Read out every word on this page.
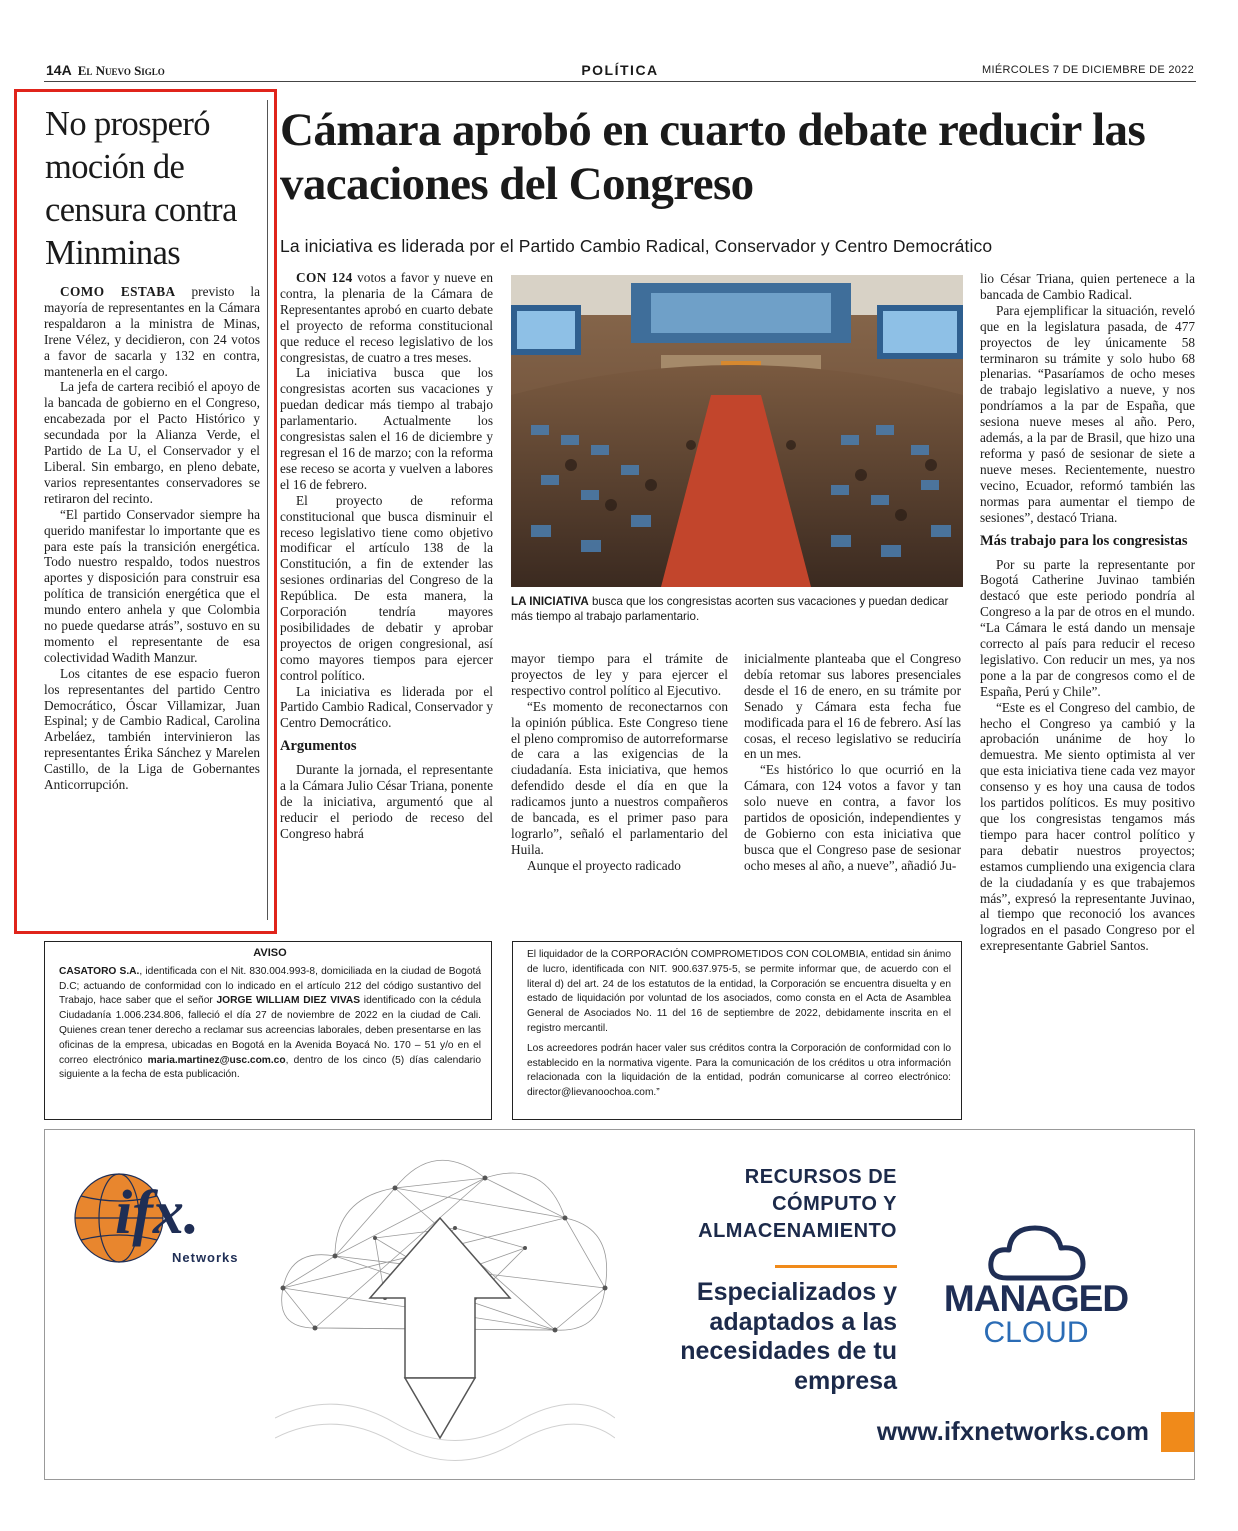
14A El Nuevo Siglo	POLÍTICA	MIÉRCOLES 7 DE DICIEMBRE DE 2022
No prosperó moción de censura contra Minminas

COMO ESTABA previsto la mayoría de representantes en la Cámara respaldaron a la ministra de Minas, Irene Vélez, y decidieron, con 24 votos a favor de sacarla y 132 en contra, mantenerla en el cargo.

La jefa de cartera recibió el apoyo de la bancada de gobierno en el Congreso, encabezada por el Pacto Histórico y secundada por la Alianza Verde, el Partido de La U, el Conservador y el Liberal. Sin embargo, en pleno debate, varios representantes conservadores se retiraron del recinto.

“El partido Conservador siempre ha querido manifestar lo importante que es para este país la transición energética. Todo nuestro respaldo, todos nuestros aportes y disposición para construir esa política de transición energética que el mundo entero anhela y que Colombia no puede quedarse atrás”, sostuvo en su momento el representante de esa colectividad Wadith Manzur.

Los citantes de ese espacio fueron los representantes del partido Centro Democrático, Óscar Villamizar, Juan Espinal; y de Cambio Radical, Carolina Arbeláez, también intervinieron las representantes Érika Sánchez y Marelen Castillo, de la Liga de Gobernantes Anticorrupción.

Cámara aprobó en cuarto debate reducir las vacaciones del Congreso
La iniciativa es liderada por el Partido Cambio Radical, Conservador y Centro Democrático

CON 124 votos a favor y nueve en contra, la plenaria de la Cámara de Representantes aprobó en cuarto debate el proyecto de reforma constitucional que reduce el receso legislativo de los congresistas, de cuatro a tres meses.

La iniciativa busca que los congresistas acorten sus vacaciones y puedan dedicar más tiempo al trabajo parlamentario. Actualmente los congresistas salen el 16 de diciembre y regresan el 16 de marzo; con la reforma ese receso se acorta y vuelven a labores el 16 de febrero.

El proyecto de reforma constitucional que busca disminuir el receso legislativo tiene como objetivo modificar el artículo 138 de la Constitución, a fin de extender las sesiones ordinarias del Congreso de la República. De esta manera, la Corporación tendría mayores posibilidades de debatir y aprobar proyectos de origen congresional, así como mayores tiempos para ejercer control político.

La iniciativa es liderada por el Partido Cambio Radical, Conservador y Centro Democrático.

Argumentos

Durante la jornada, el representante a la Cámara Julio César Triana, ponente de la iniciativa, argumentó que al reducir el periodo de receso del Congreso habrá

LA INICIATIVA busca que los congresistas acorten sus vacaciones y puedan dedicar más tiempo al trabajo parlamentario.

mayor tiempo para el trámite de proyectos de ley y para ejercer el respectivo control político al Ejecutivo.

“Es momento de reconectarnos con la opinión pública. Este Congreso tiene el pleno compromiso de autorreformarse de cara a las exigencias de la ciudadanía. Esta iniciativa, que hemos defendido desde el día en que la radicamos junto a nuestros compañeros de bancada, es el primer paso para lograrlo”, señaló el parlamentario del Huila.

Aunque el proyecto radicado

inicialmente planteaba que el Congreso debía retomar sus labores presenciales desde el 16 de enero, en su trámite por Senado y Cámara esta fecha fue modificada para el 16 de febrero. Así las cosas, el receso legislativo se reduciría en un mes.

“Es histórico lo que ocurrió en la Cámara, con 124 votos a favor y tan solo nueve en contra, a favor los partidos de oposición, independientes y de Gobierno con esta iniciativa que busca que el Congreso pase de sesionar ocho meses al año, a nueve”, añadió Ju-

lio César Triana, quien pertenece a la bancada de Cambio Radical.

Para ejemplificar la situación, reveló que en la legislatura pasada, de 477 proyectos de ley únicamente 58 terminaron su trámite y solo hubo 68 plenarias. “Pasaríamos de ocho meses de trabajo legislativo a nueve, y nos pondríamos a la par de España, que sesiona nueve meses al año. Pero, además, a la par de Brasil, que hizo una reforma y pasó de sesionar de siete a nueve meses. Recientemente, nuestro vecino, Ecuador, reformó también las normas para aumentar el tiempo de sesiones”, destacó Triana.

Más trabajo para los congresistas

Por su parte la representante por Bogotá Catherine Juvinao también destacó que este periodo pondría al Congreso a la par de otros en el mundo. “La Cámara le está dando un mensaje correcto al país para reducir el receso legislativo. Con reducir un mes, ya nos pone a la par de congresos como el de España, Perú y Chile”.

“Este es el Congreso del cambio, de hecho el Congreso ya cambió y la aprobación unánime de hoy lo demuestra. Me siento optimista al ver que esta iniciativa tiene cada vez mayor consenso y es hoy una causa de todos los partidos políticos. Es muy positivo que los congresistas tengamos más tiempo para hacer control político y para debatir nuestros proyectos; estamos cumpliendo una exigencia clara de la ciudadanía y es que trabajemos más”, expresó la representante Juvinao, al tiempo que reconoció los avances logrados en el pasado Congreso por el exrepresentante Gabriel Santos.

AVISO

CASATORO S.A., identificada con el Nit. 830.004.993-8, domiciliada en la ciudad de Bogotá D.C; actuando de conformidad con lo indicado en el artículo 212 del código sustantivo del Trabajo, hace saber que el señor JORGE WILLIAM DIEZ VIVAS identificado con la cédula Ciudadanía 1.006.234.806, falleció el día 27 de noviembre de 2022 en la ciudad de Cali. Quienes crean tener derecho a reclamar sus acreencias laborales, deben presentarse en las oficinas de la empresa, ubicadas en Bogotá en la Avenida Boyacá No. 170 – 51 y/o en el correo electrónico maria.martinez@usc.com.co, dentro de los cinco (5) días calendario siguiente a la fecha de esta publicación.

El liquidador de la CORPORACIÓN COMPROMETIDOS CON COLOMBIA, entidad sin ánimo de lucro, identificada con NIT. 900.637.975-5, se permite informar que, de acuerdo con el literal d) del art. 24 de los estatutos de la entidad, la Corporación se encuentra disuelta y en estado de liquidación por voluntad de los asociados, como consta en el Acta de Asamblea General de Asociados No. 11 del 16 de septiembre de 2022, debidamente inscrita en el registro mercantil.

Los acreedores podrán hacer valer sus créditos contra la Corporación de conformidad con lo establecido en la normativa vigente. Para la comunicación de los créditos u otra información relacionada con la liquidación de la entidad, podrán comunicarse al correo electrónico: director@lievanoochoa.com.”

ifx.
Networks
RECURSOS DE CÓMPUTO Y ALMACENAMIENTO
Especializados y adaptados a las necesidades de tu empresa
MANAGED
CLOUD
www.ifxnetworks.com
